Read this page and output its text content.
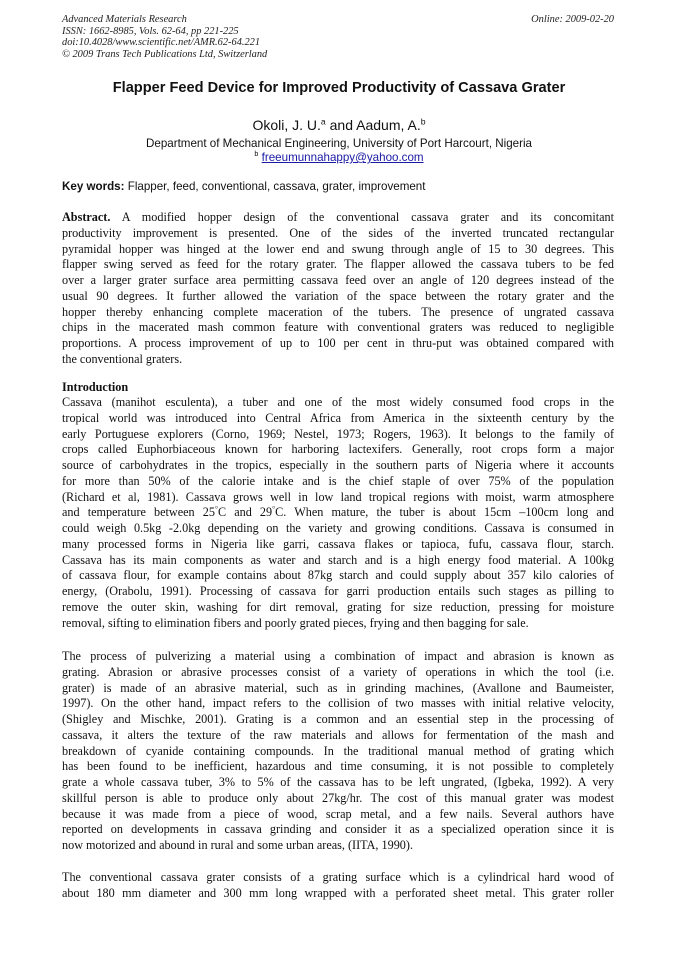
Advanced Materials Research
ISSN: 1662-8985, Vols. 62-64, pp 221-225
doi:10.4028/www.scientific.net/AMR.62-64.221
© 2009 Trans Tech Publications Ltd, Switzerland
Online: 2009-02-20
Flapper Feed Device for Improved Productivity of Cassava Grater
Okoli, J. U.$^a$ and Aadum, A.$^b$
Department of Mechanical Engineering, University of Port Harcourt, Nigeria
$^b$ freeumunnahappy@yahoo.com
Key words: Flapper, feed, conventional, cassava, grater, improvement
Abstract. A modified hopper design of the conventional cassava grater and its concomitant
productivity improvement is presented. One of the sides of the inverted truncated rectangular
pyramidal hopper was hinged at the lower end and swung through angle of 15 to 30 degrees. This
flapper swing served as feed for the rotary grater. The flapper allowed the cassava tubers to be fed
over a larger grater surface area permitting cassava feed over an angle of 120 degrees instead of the
usual 90 degrees. It further allowed the variation of the space between the rotary grater and the
hopper thereby enhancing complete maceration of the tubers. The presence of ungrated cassava
chips in the macerated mash common feature with conventional graters was reduced to negligible
proportions. A process improvement of up to 100 per cent in thru-put was obtained compared with
the conventional graters.
Introduction
Cassava (manihot esculenta), a tuber and one of the most widely consumed food crops in the
tropical world was introduced into Central Africa from America in the sixteenth century by the
early Portuguese explorers (Corno, 1969; Nestel, 1973; Rogers, 1963). It belongs to the family of
crops called Euphorbiaceous known for harboring lactexifers. Generally, root crops form a major
source of carbohydrates in the tropics, especially in the southern parts of Nigeria where it accounts
for more than 50% of the calorie intake and is the chief staple of over 75% of the population
(Richard et al, 1981). Cassava grows well in low land tropical regions with moist, warm atmosphere
and temperature between 25°C and 29°C. When mature, the tuber is about 15cm –100cm long and
could weigh 0.5kg -2.0kg depending on the variety and growing conditions. Cassava is consumed in
many processed forms in Nigeria like garri, cassava flakes or tapioca, fufu, cassava flour, starch.
Cassava has its main components as water and starch and is a high energy food material. A 100kg
of cassava flour, for example contains about 87kg starch and could supply about 357 kilo calories of
energy, (Orabolu, 1991). Processing of cassava for garri production entails such stages as pilling to
remove the outer skin, washing for dirt removal, grating for size reduction, pressing for moisture
removal, sifting to elimination fibers and poorly grated pieces, frying and then bagging for sale.
The process of pulverizing a material using a combination of impact and abrasion is known as
grating. Abrasion or abrasive processes consist of a variety of operations in which the tool (i.e.
grater) is made of an abrasive material, such as in grinding machines, (Avallone and Baumeister,
1997). On the other hand, impact refers to the collision of two masses with initial relative velocity,
(Shigley and Mischke, 2001). Grating is a common and an essential step in the processing of
cassava, it alters the texture of the raw materials and allows for fermentation of the mash and
breakdown of cyanide containing compounds. In the traditional manual method of grating which
has been found to be inefficient, hazardous and time consuming, it is not possible to completely
grate a whole cassava tuber, 3% to 5% of the cassava has to be left ungrated, (Igbeka, 1992). A very
skillful person is able to produce only about 27kg/hr. The cost of this manual grater was modest
because it was made from a piece of wood, scrap metal, and a few nails. Several authors have
reported on developments in cassava grinding and consider it as a specialized operation since it is
now motorized and abound in rural and some urban areas, (IITA, 1990).
The conventional cassava grater consists of a grating surface which is a cylindrical hard wood of
about 180 mm diameter and 300 mm long wrapped with a perforated sheet metal. This grater roller
